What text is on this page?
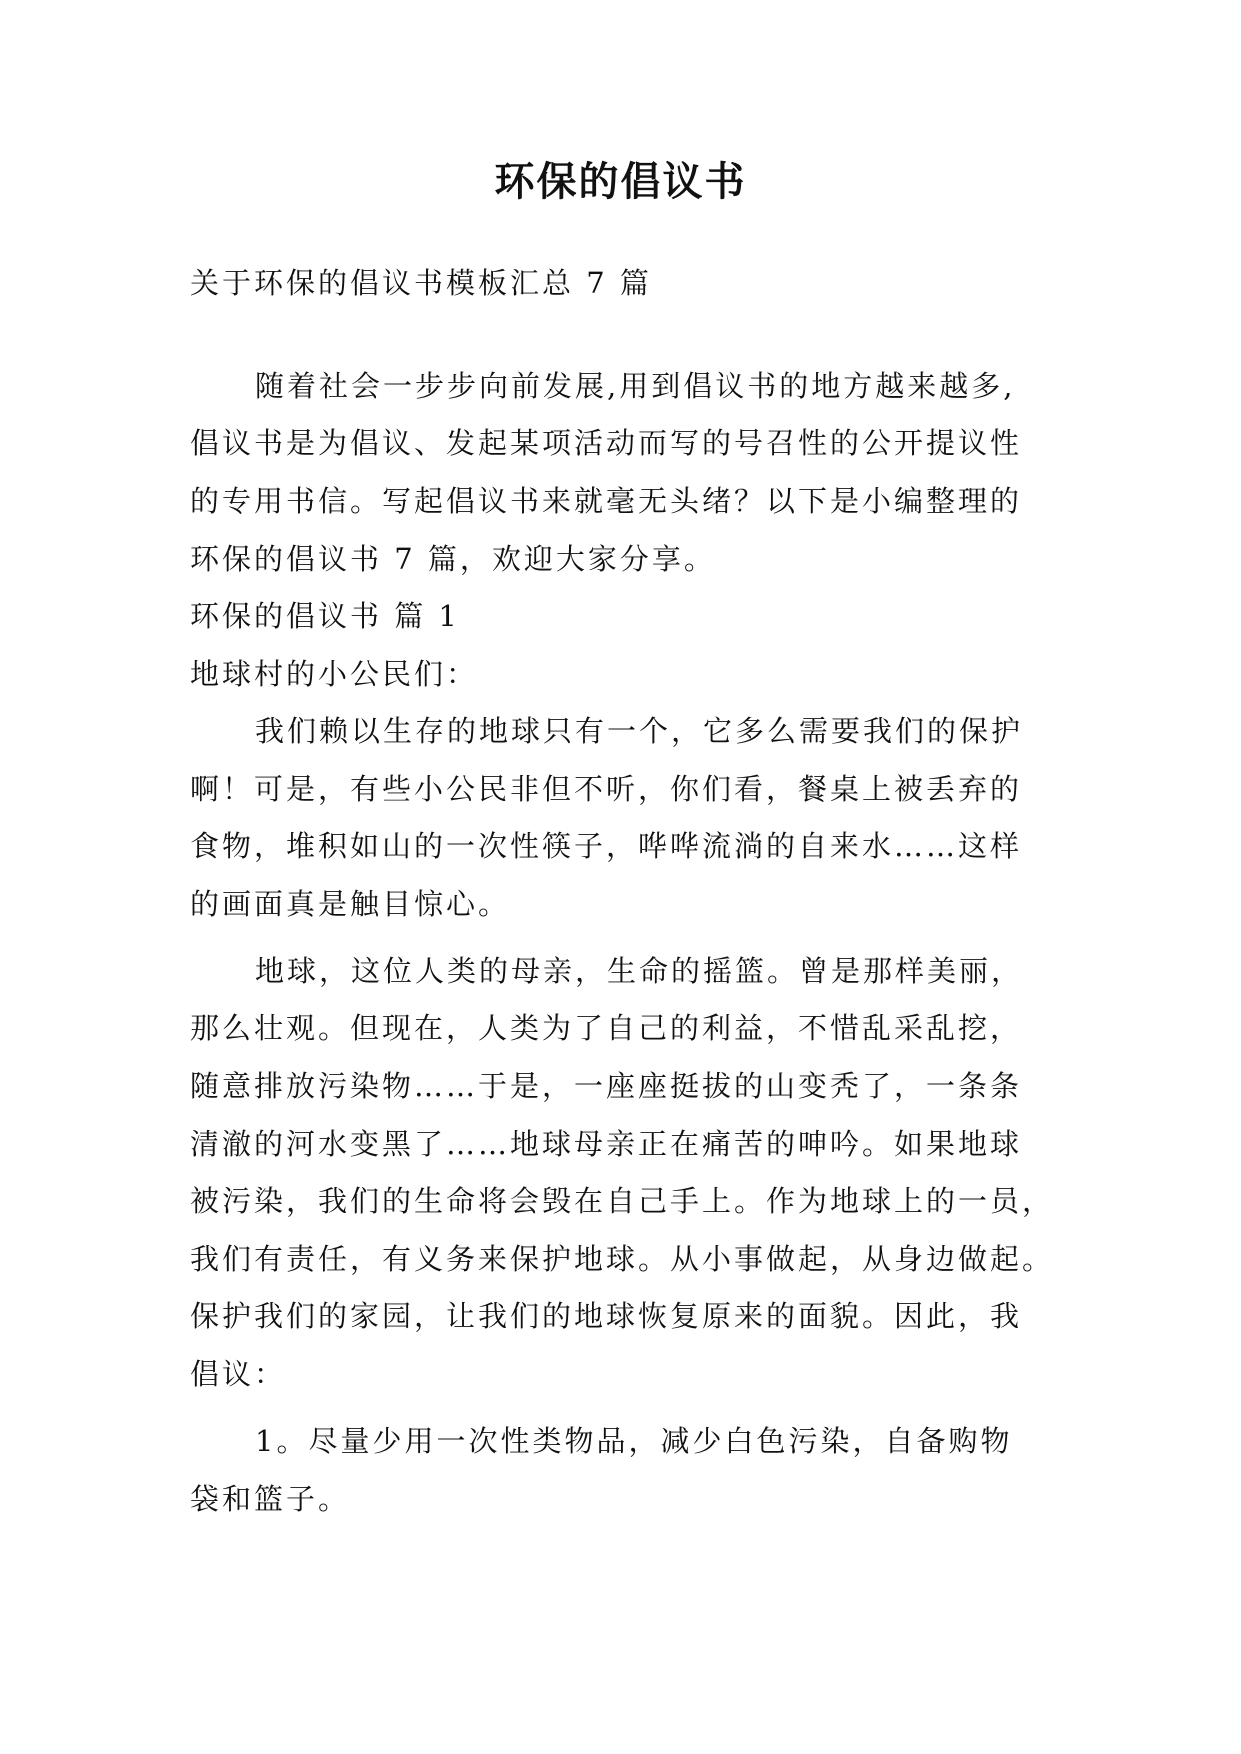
环保的倡议书
关于环保的倡议书模板汇总 7 篇
随着社会一步步向前发展,用到倡议书的地方越来越多,
倡议书是为倡议、发起某项活动而写的号召性的公开提议性
的专用书信。写起倡议书来就毫无头绪？以下是小编整理的
环保的倡议书 7 篇，欢迎大家分享。
环保的倡议书 篇 1
地球村的小公民们：
我们赖以生存的地球只有一个，它多么需要我们的保护
啊！可是，有些小公民非但不听，你们看，餐桌上被丢弃的
食物，堆积如山的一次性筷子，哗哗流淌的自来水……这样
的画面真是触目惊心。
地球，这位人类的母亲，生命的摇篮。曾是那样美丽，
那么壮观。但现在，人类为了自己的利益，不惜乱采乱挖，
随意排放污染物……于是，一座座挺拔的山变秃了，一条条
清澈的河水变黑了……地球母亲正在痛苦的呻吟。如果地球
被污染，我们的生命将会毁在自己手上。作为地球上的一员，
我们有责任，有义务来保护地球。从小事做起，从身边做起。
保护我们的家园，让我们的地球恢复原来的面貌。因此，我
倡议：
1。尽量少用一次性类物品，减少白色污染，自备购物
袋和篮子。
